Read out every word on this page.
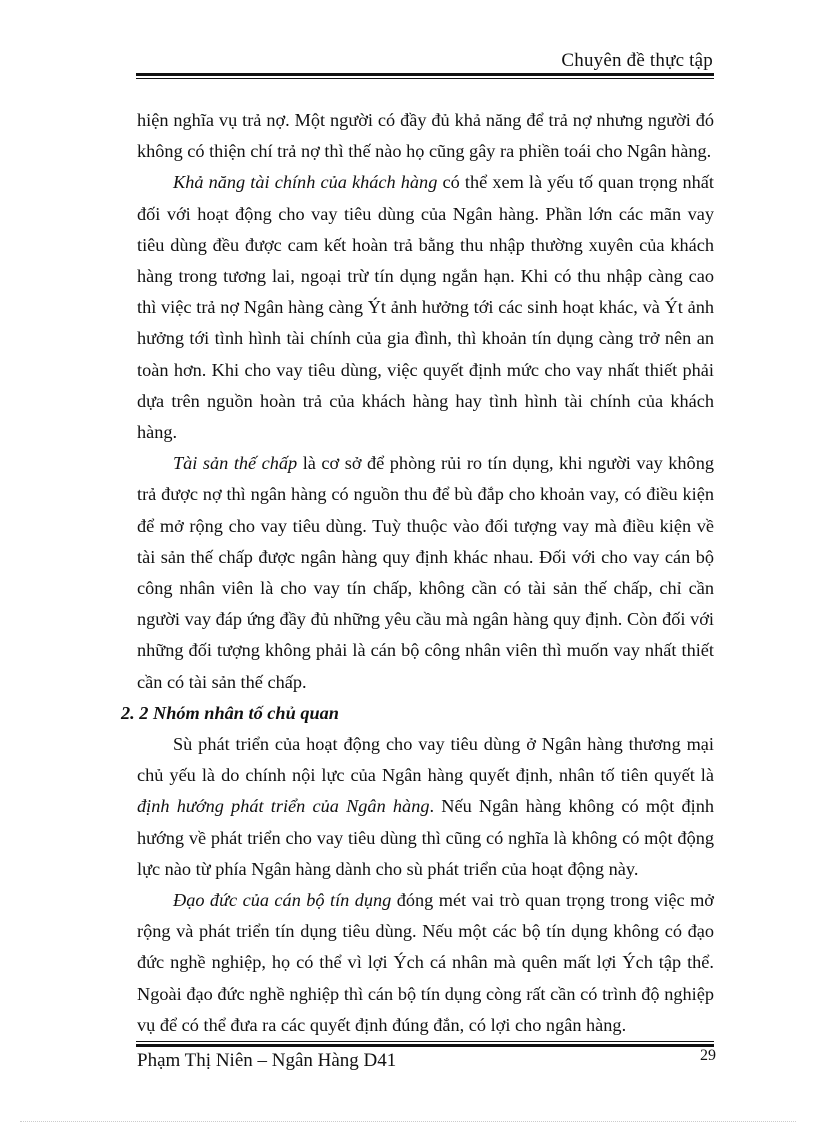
Chuyên đề thực tập

hiện nghĩa vụ trả nợ. Một người có đầy đủ khả năng để trả nợ nhưng người đó không có thiện chí trả nợ thì thế nào họ cũng gây ra phiền toái cho Ngân hàng.

Khả năng tài chính của khách hàng có thể xem là yếu tố quan trọng nhất đối với hoạt động cho vay tiêu dùng của Ngân hàng. Phần lớn các mãn vay tiêu dùng đều được cam kết hoàn trả bằng thu nhập thường xuyên của khách hàng trong tương lai, ngoại trừ tín dụng ngắn hạn. Khi có thu nhập càng cao thì việc trả nợ Ngân hàng càng Ýt ảnh hưởng tới các sinh hoạt khác, và Ýt ảnh hưởng tới tình hình tài chính của gia đình, thì khoản tín dụng càng trở nên an toàn hơn. Khi cho vay tiêu dùng, việc quyết định mức cho vay nhất thiết phải dựa trên nguồn hoàn trả của khách hàng hay tình hình tài chính của khách hàng.

Tài sản thế chấp là cơ sở để phòng rủi ro tín dụng, khi người vay không trả được nợ thì ngân hàng có nguồn thu để bù đắp cho khoản vay, có điều kiện để mở rộng cho vay tiêu dùng. Tuỳ thuộc vào đối tượng vay mà điều kiện về tài sản thế chấp được ngân hàng quy định khác nhau. Đối với cho vay cán bộ công nhân viên là cho vay tín chấp, không cần có tài sản thế chấp, chỉ cần người vay đáp ứng đầy đủ những yêu cầu mà ngân hàng quy định. Còn đối với những đối tượng không phải là cán bộ công nhân viên thì muốn vay nhất thiết cần có tài sản thế chấp.

2. 2 Nhóm nhân tố chủ quan

Sù phát triển của hoạt động cho vay tiêu dùng ở Ngân hàng thương mại chủ yếu là do chính nội lực của Ngân hàng quyết định, nhân tố tiên quyết là định hướng phát triển của Ngân hàng. Nếu Ngân hàng không có một định hướng về phát triển cho vay tiêu dùng thì cũng có nghĩa là không có một động lực nào từ phía Ngân hàng dành cho sù phát triển của hoạt động này.

Đạo đức của cán bộ tín dụng đóng mét vai trò quan trọng trong việc mở rộng và phát triển tín dụng tiêu dùng. Nếu một các bộ tín dụng không có đạo đức nghề nghiệp, họ có thể vì lợi Ých cá nhân mà quên mất lợi Ých tập thể. Ngoài đạo đức nghề nghiệp thì cán bộ tín dụng còng rất cần có trình độ nghiệp vụ để có thể đưa ra các quyết định đúng đắn, có lợi cho ngân hàng.

Phạm Thị Niên – Ngân Hàng D41	29
